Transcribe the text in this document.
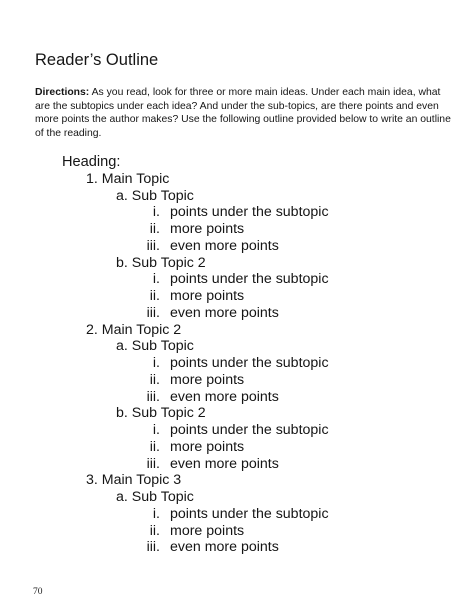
Reader’s Outline
Directions: As you read, look for three or more main ideas. Under each main idea, what are the subtopics under each idea? And under the sub-topics, are there points and even more points the author makes? Use the following outline provided below to write an outline of the reading.
Heading:
1. Main Topic
a. Sub Topic
i. points under the subtopic
ii. more points
iii. even more points
b. Sub Topic 2
i. points under the subtopic
ii. more points
iii. even more points
2. Main Topic 2
a. Sub Topic
i. points under the subtopic
ii. more points
iii. even more points
b. Sub Topic 2
i. points under the subtopic
ii. more points
iii. even more points
3. Main Topic 3
a. Sub Topic
i. points under the subtopic
ii. more points
iii. even more points
70
